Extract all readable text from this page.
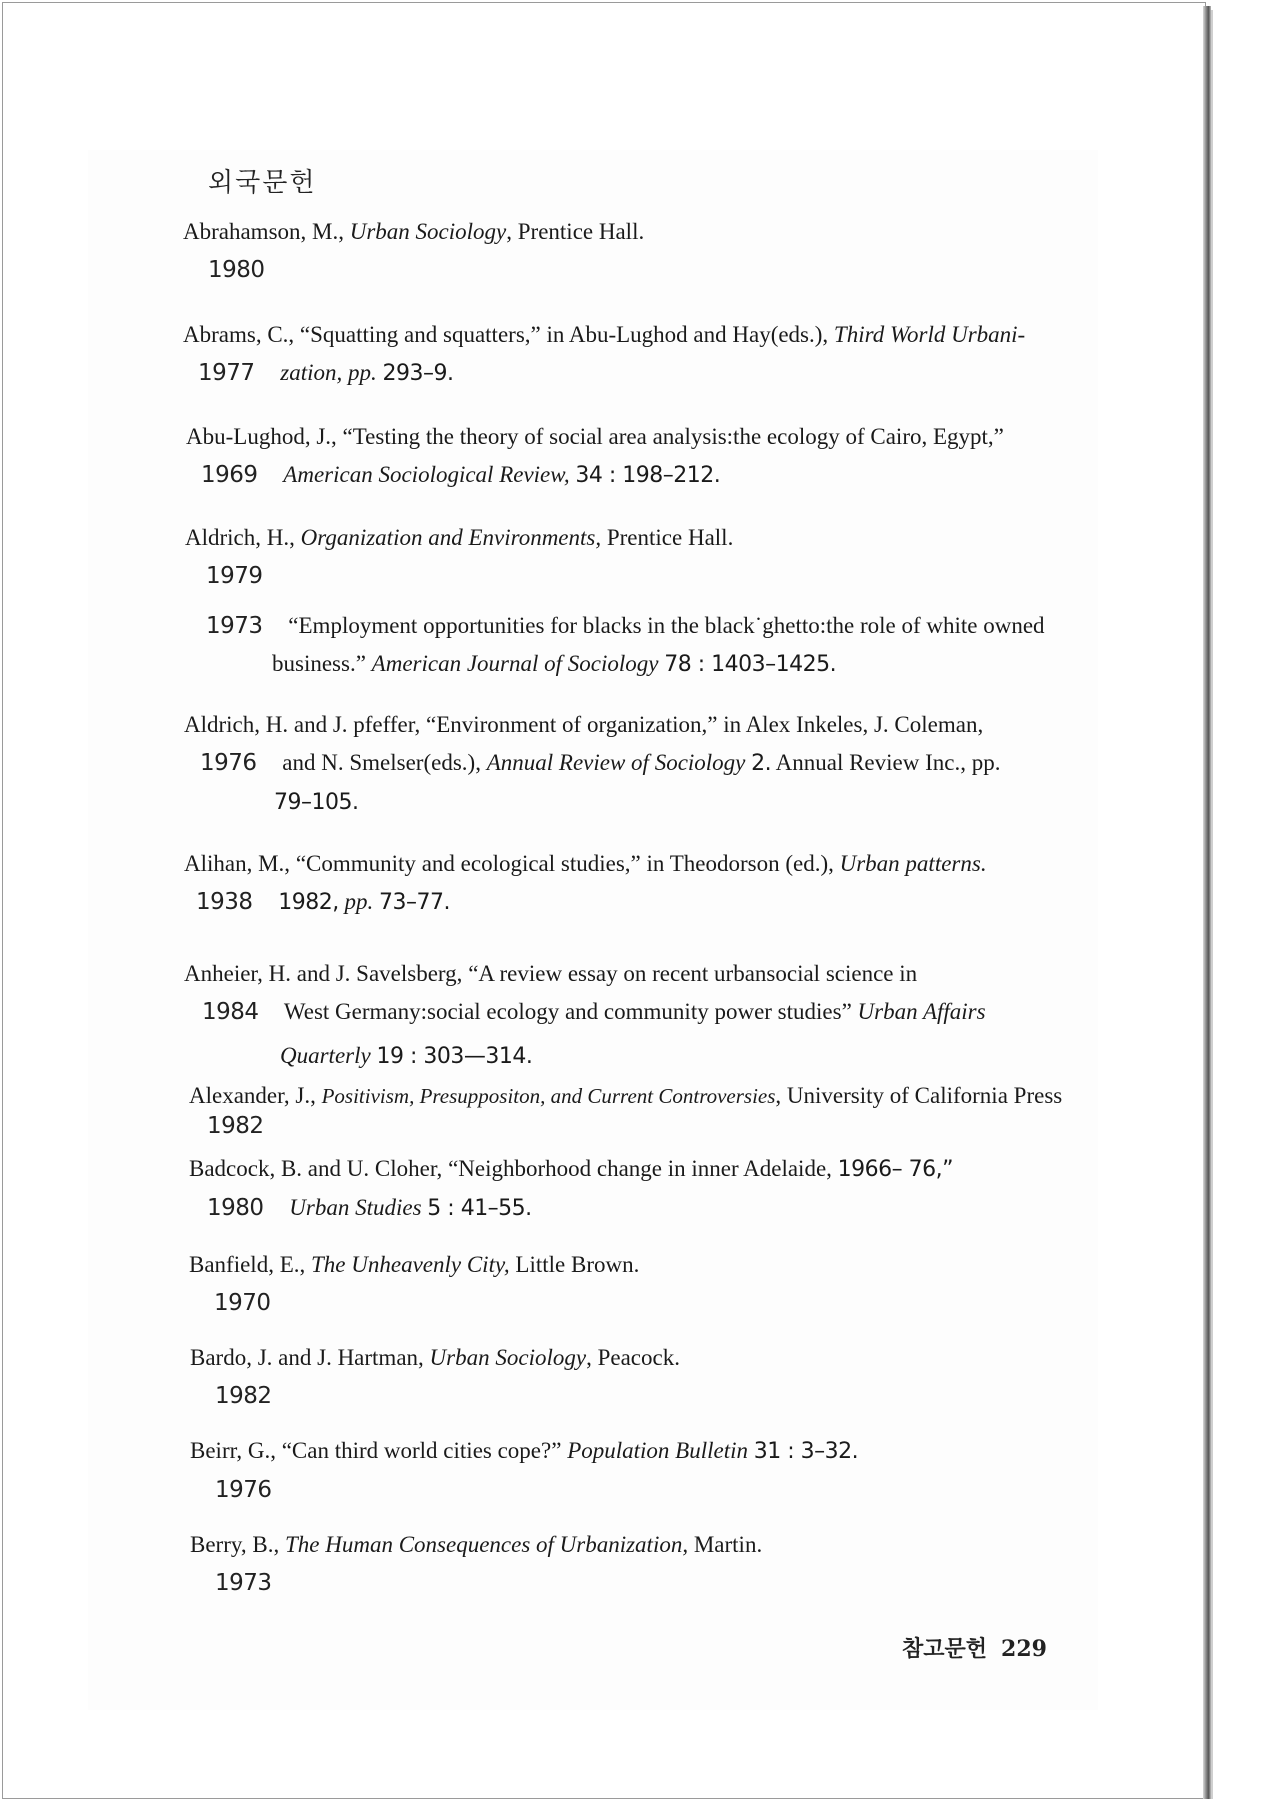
외국문헌
Abrahamson, M., Urban Sociology, Prentice Hall.
1980
Abrams, C., “Squatting and squatters,” in Abu-Lughod and Hay(eds.), Third World Urbani-
1977 zation, pp. 293–9.
Abu-Lughod, J., “Testing the theory of social area analysis:the ecology of Cairo, Egypt,”
1969 American Sociological Review, 34 : 198–212.
Aldrich, H., Organization and Environments, Prentice Hall.
1979
1973 “Employment opportunities for blacks in the black˙ghetto:the role of white owned
business.” American Journal of Sociology 78 : 1403–1425.
Aldrich, H. and J. pfeffer, “Environment of organization,” in Alex Inkeles, J. Coleman,
1976 and N. Smelser(eds.), Annual Review of Sociology 2. Annual Review Inc., pp.
79–105.
Alihan, M., “Community and ecological studies,” in Theodorson (ed.), Urban patterns.
1938 1982, pp. 73–77.
Anheier, H. and J. Savelsberg, “A review essay on recent urbansocial science in
1984 West Germany:social ecology and community power studies” Urban Affairs
Quarterly 19 : 303—314.
Alexander, J., Positivism, Presuppositon, and Current Controversies, University of California Press
1982
Badcock, B. and U. Cloher, “Neighborhood change in inner Adelaide, 1966– 76,”
1980 Urban Studies 5 : 41–55.
Banfield, E., The Unheavenly City, Little Brown.
1970
Bardo, J. and J. Hartman, Urban Sociology, Peacock.
1982
Beirr, G., “Can third world cities cope?” Population Bulletin 31 : 3–32.
1976
Berry, B., The Human Consequences of Urbanization, Martin.
1973
참고문헌 229
